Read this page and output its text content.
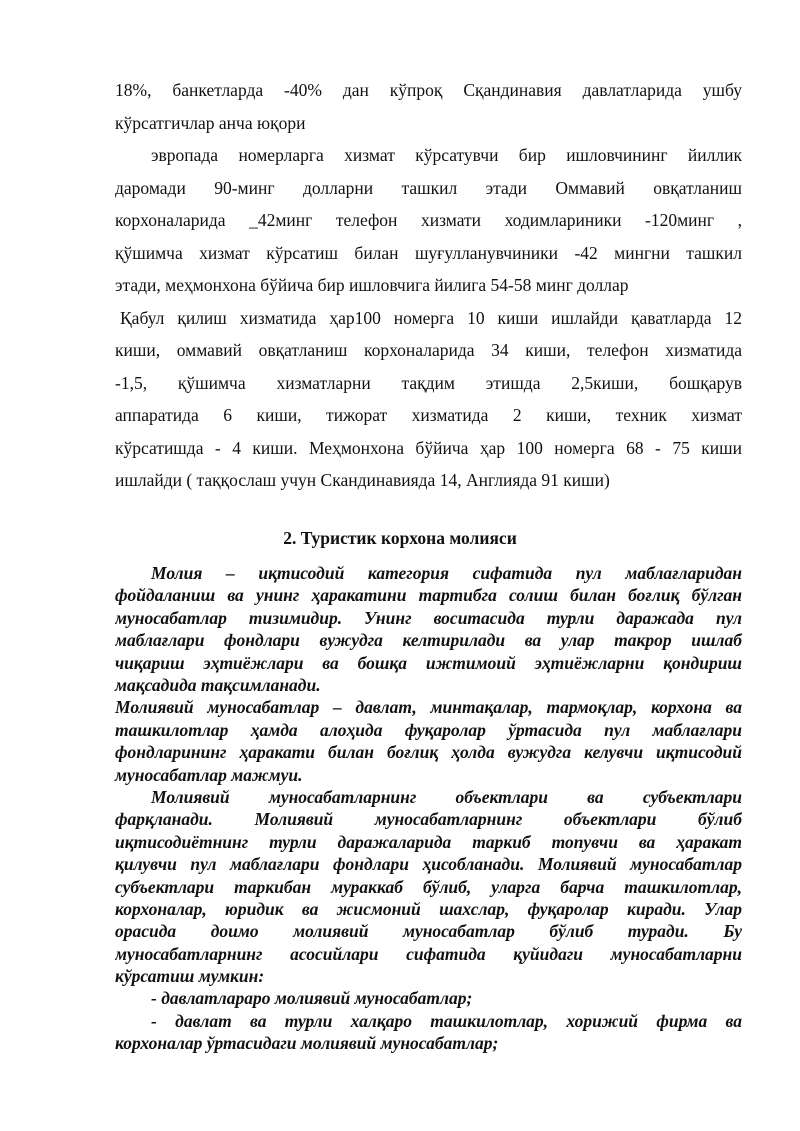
18%, банкетларда -40% дан кўпроқ Сқандинавия давлатларида ушбу
кўрсатгичлар анча юқори
эвропада номерларга хизмат кўрсатувчи бир ишловчининг йиллик
даромади 90-минг долларни ташкил этади Оммавий овқатланиш
корхоналарида _42минг телефон хизмати ходимлариники -120минг ,
қўшимча хизмат кўрсатиш билан шуғулланувчиники -42 мингни ташкил
этади, меҳмонхона бўйича бир ишловчига йилига 54-58 минг доллар
Қабул қилиш хизматида ҳар100 номерга 10 киши ишлайди қаватларда 12
киши, оммавий овқатланиш корхоналарида 34 киши, телефон хизматида
-1,5, қўшимча хизматларни тақдим этишда 2,5киши, бошқарув
аппаратида 6 киши, тижорат хизматида 2 киши, техник хизмат
кўрсатишда - 4 киши. Меҳмонхона бўйича ҳар 100 номерга 68 - 75 киши
ишлайди ( таққослаш учун Скандинавияда 14, Англияда 91 киши)
2. Туристик корхона молияси
Молия – иқтисодий категория сифатида пул маблағларидан
фойдаланиш ва унинг ҳаракатини тартибга солиш билан боғлиқ бўлган
муносабатлар тизимидир. Унинг воситасида турли даражада пул
маблағлари фондлари вужудга келтирилади ва улар такрор ишлаб
чиқариш эҳтиёжлари ва бошқа ижтимоий эҳтиёжларни қондириш
мақсадида тақсимланади.
Молиявий муносабатлар – давлат, минтақалар, тармоқлар, корхона ва
ташкилотлар ҳамда алоҳида фуқаролар ўртасида пул маблағлари
фондларининг ҳаракати билан боғлиқ ҳолда вужудга келувчи иқтисодий
муносабатлар мажмуи.
Молиявий муносабатларнинг объектлари ва субъектлари
фарқланади. Молиявий муносабатларнинг объектлари бўлиб
иқтисодиётнинг турли даражаларида таркиб топувчи ва ҳаракат
қилувчи пул маблағлари фондлари ҳисобланади. Молиявий муносабатлар
субъектлари таркибан мураккаб бўлиб, уларга барча ташкилотлар,
корхоналар, юридик ва жисмоний шахслар, фуқаролар киради. Улар
орасида доимо молиявий муносабатлар бўлиб туради. Бу
муносабатларнинг асосийлари сифатида қуйидаги муносабатларни
кўрсатиш мумкин:
- давлатлараро молиявий муносабатлар;
- давлат ва турли халқаро ташкилотлар, хорижий фирма ва
корхоналар ўртасидаги молиявий муносабатлар;
